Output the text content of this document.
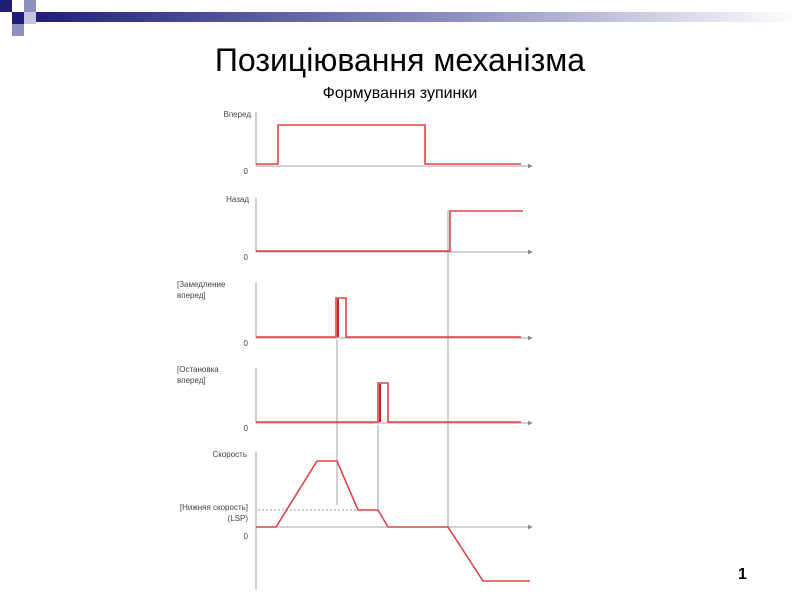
Позиціювання механізма
Формування зупинки
Вперед
0
Назад
0
[Замедление
вперед]
0
[Остановка
вперед]
0
Скорость
[Нижняя скорость]
(LSP)
0
1
